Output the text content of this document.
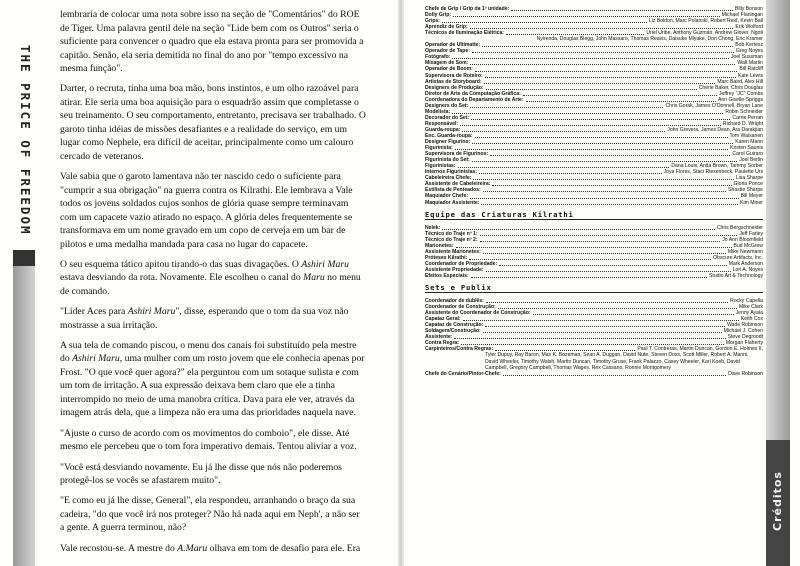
THE PRICE OF FREEDOM

lembraria de colocar uma nota sobre isso na seção de "Comentários" do ROE de Tiger. Uma palavra gentil dele na seção "Lide bem com os Outros" seria o suficiente para convencer o quadro que ela estava pronta para ser promovida a capitão. Senão, ela seria demitida no final do ano por "tempo excessivo na mesma função".

Darter, o recruta, tinha uma boa mão, bons instintos, e um olho razoável para atirar. Ele seria uma boa aquisição para o esquadrão assim que completasse o seu treinamento. O seu comportamento, entretanto, precisava ser trabalhado. O garoto tinha idéias de missões desafiantes e a realidade do serviço, em um lugar como Nephele, era difícil de aceitar, principalmente como um calouro cercado de veteranos.

Vale sabia que o garoto lamentava não ter nascido cedo o suficiente para "cumprir a sua obrigação" na guerra contra os Kilrathi. Ele lembrava a Vale todos os jovens soldados cujos sonhos de glória quase sempre terminavam com um capacete vazio atirado no espaço. A glória deles frequentemente se transformava em um nome gravado em um copo de cerveja em um bar de pilotos e uma medalha mandada para casa no lugar do capacete.

O seu esquema tático apitou tirando-o das suas divagações. O Ashiri Maru estava desviando da rota. Novamente. Ele escolheu o canal do Maru no menu de comando.

"Líder Aces para Ashiri Maru", disse, esperando que o tom da sua voz não mostrasse a sua irritação.

A sua tela de comando piscou, o menu dos canais foi substituído pela mestre do Ashiri Maru, uma mulher com um rosto jovem que ele conhecia apenas por Frost. "O que você quer agora?" ela perguntou com um sotaque sulista e com um tom de irritação. A sua expressão deixava bem claro que ele a tinha interrompido no meio de uma manobra crítica. Dava para ele ver, através da imagem atrás dela, que a limpeza não era uma das prioridades naquela nave.

"Ajuste o curso de acordo com os movimentos do comboio", ele disse. Até mesmo ele percebeu que o tom fora imperativo demais. Tentou aliviar a voz.

"Você está desviando novamente. Eu já lhe disse que nós não poderemos protegê-los se vocês se afastarem muito".

"E como eu já lhe disse, General", ela respondeu, arranhando o braço da sua cadeira, "do que você irá nos proteger? Não há nada aqui em Neph', a não ser a gente. A guerra terminou, não?

Vale recostou-se. A mestre do A.Maru olhava em tom de desafio para ele. Era

Chefe de Grip / Grip da 1ª unidade:	Billy Bonson
Dolly Grip:	Michael Flaningan
Grips:	Liz Boldon, Marc Polanski, Robert Reid, Kevin Ball
Aprendiz de Grip:	Erik Wolford
Técnicos de Iluminação Elétrica:	Uriel Uribe, Anthony Guzman, Andrew Glover, Ngoti
Nyirenda, Douglas Blegg, John Massaro, Thomas Reavis, Daisuke Miyake, Don Chong, Eric Kramer
Operador de Ultimatte:	Bob Kertesz
Operador de Tape:	Greg Noyes
Fotógrafo:	Joel Sussman
Mixagem de Som:	Walt Martin
Operador de Boom:	Bill Ratcliff
Supervisora de Roteiro:	Kate Lewis
Artistas de Storyboard:	Marc Baird, Alex Hill
Designers de Produção:	Cherie Baker, Chris Douglas
Diretor de Arte da Computação Gráfica:	Jeffrey "JC" Combs
Coordenadora do Departamento de Arte:	Ann Giselle-Spriggs
Designers do Set:	Chris Gorak, James O'Donnell, Bryan Lane
Modelista:	Robin Schneider
Decorador do Set:	Carrie Perran
Responsável:	Richard D. Wright
Guarda-roupa:	John Grevera, James Dean, Ara Darakjian
Enc. Guarda-roupa:	Tom Waisanen
Designer Figurino:	Karen Mann
Figurinista:	Kristen Saunis
Supervisora de Figurinos:	Carol Guiraro
Figurinista do Set:	Joel Berlin
Figurinistas:	Dana Louis, Anita Brown, Tammy Sorber
Internos Figurinistas:	Joya Flores, Staci Riesenbeck, Paulette Urs
Cabeleireira Chefe:	Lisa Sharpe
Assistente de Cabeleireira:	Gloria Ponce
Estilista de Penteados:	Shastie Sharpe
Maquiador Chefe:	Bill Meyer
Maquiador Assistente:	Kim Miner
Equipe das Criaturas Kilrathi
Nelek:	Chris Bergschneider
Técnico do Traje nº 1:	Jeff Farley
Técnico do Traje nº 2:	Jo Ann Bloomfield
Marionetes:	Bud McGrew
Assistente Marionetes:	Mike Newmann
Próteses Kilrathi:	Obscure Artifacts, Inc.
Coordenador de Propriedade:	Mark Anderson
Assistente Propriedade:	Lori A. Noyes
Efeitos Especiais:	Studio Art & Technology
Sets e Publix
Coordenador de dublês:	Rocky Capella
Coordenador de Construção:	Mike Clark
Assistente do Coordenador de Construção:	Jenny Ayala
Capataz Geral:	Keith Cox
Capataz de Construção:	Wade Robinson
Soldagem/Construção:	Michael J. Cohen
Assistente:	Steve Degroodt
Contra Regra:	Morgan Flaherty
Carpinteiros/Contra Regras:	Paul T. Contreras, Martin Duncan, Gordon E. Holmes II,
Tyler Dupuy, Ray Baron, Max K. Bozeman, Sean A. Duggan, David Nute, Steven Doss, Scott Miller, Robert A. Manni,
David Wheeler, Timothy Walsh, Martin Duncan, Timothy Gruse, Frank Palazzo, Casey Wheeler, Karl Koeb, David
Campbell, Gregory Campbell, Thomas Wages, Rex Cassano, Ronnie Montgomery
Chefe do Cenário/Pintor-Chefe:	Dave Robinson
Créditos
